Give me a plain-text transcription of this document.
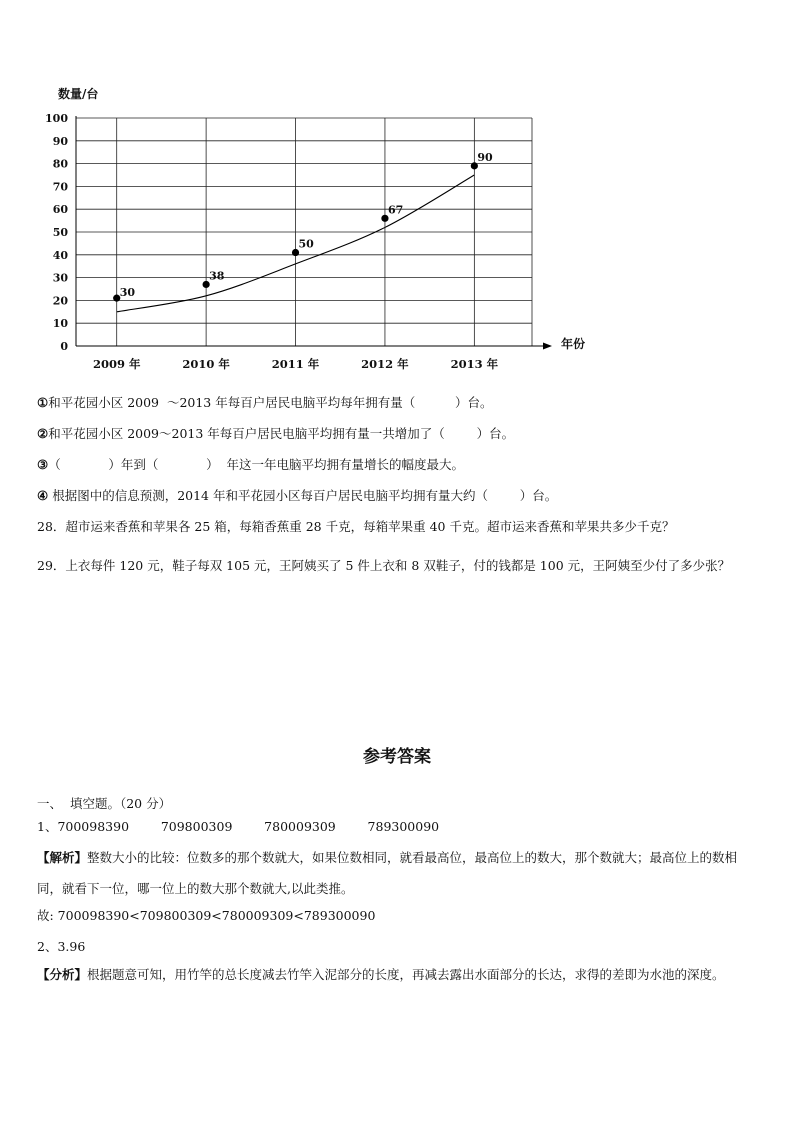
0
10
20
30
40
50
60
70
80
90
100
2009 年	2010 年	2011 年	2012 年	2013 年
30
38
50
67
90
数量/台
年份

①和平花园小区 2009  ～2013 年每百户居民电脑平均每年拥有量（          ）台。

②和平花园小区 2009～2013 年每百户居民电脑平均拥有量一共增加了（        ）台。

③（            ）年到（            ）  年这一年电脑平均拥有量增长的幅度最大。

④ 根据图中的信息预测，2014 年和平花园小区每百户居民电脑平均拥有量大约（        ）台。

28．超市运来香蕉和苹果各 25 箱，每箱香蕉重 28 千克，每箱苹果重 40 千克。超市运来香蕉和苹果共多少千克？

29．上衣每件 120 元，鞋子每双 105 元，王阿姨买了 5 件上衣和 8 双鞋子，付的钱都是 100 元，王阿姨至少付了多少张？

参考答案

一、  填空题。（20 分）

1、700098390        709800309        780009309        789300090

【解析】整数大小的比较：位数多的那个数就大，如果位数相同，就看最高位，最高位上的数大，那个数就大；最高位上的数相同，就看下一位，哪一位上的数大那个数就大,以此类推。

故: 700098390<709800309<780009309<789300090

2、3.96

【分析】根据题意可知，用竹竿的总长度减去竹竿入泥部分的长度，再减去露出水面部分的长达，求得的差即为水池的深度。
